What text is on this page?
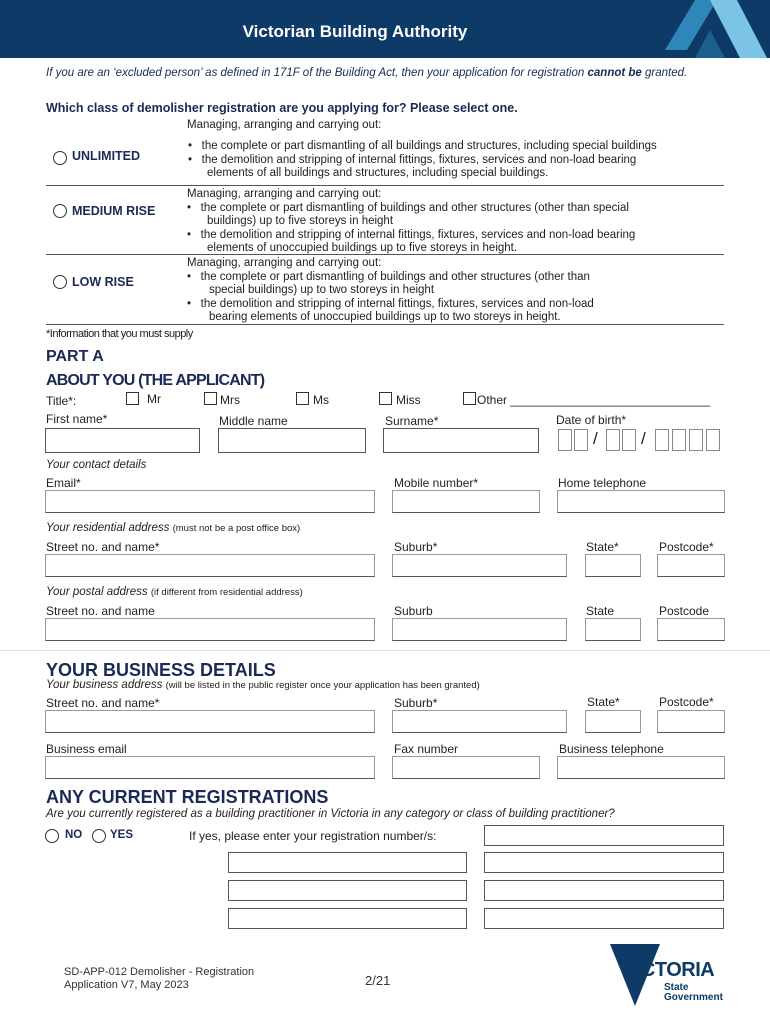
Victorian Building Authority
If you are an ‘excluded person’ as defined in 171F of the Building Act, then your application for registration cannot be granted.
Which class of demolisher registration are you applying for? Please select one.
Managing, arranging and carrying out:
UNLIMITED
•   the complete or part dismantling of all buildings and structures, including special buildings
•   the demolition and stripping of internal fittings, fixtures, services and non-load bearing
elements of all buildings and structures, including special buildings.
MEDIUM RISE
Managing, arranging and carrying out:
•   the complete or part dismantling of buildings and other structures (other than special
buildings) up to five storeys in height
•   the demolition and stripping of internal fittings, fixtures, services and non-load bearing
elements of unoccupied buildings up to five storeys in height.
LOW RISE
Managing, arranging and carrying out:
•   the complete or part dismantling of buildings and other structures (other than
special buildings) up to two storeys in height
•   the demolition and stripping of internal fittings, fixtures, services and non-load
bearing elements of unoccupied buildings up to two storeys in height.
*Information that you must supply
PART A
ABOUT YOU (THE APPLICANT)
Title*:	Mr	Mrs	Ms	Miss	Other ______________________________
First name*	Middle name	Surname*	Date of birth*
/	/
Your contact details
Email*	Mobile number*	Home telephone
Your residential address (must not be a post office box)
Street no. and name*	Suburb*	State*	Postcode*
Your postal address (if different from residential address)
Street no. and name	Suburb	State	Postcode
YOUR BUSINESS DETAILS
Your business address (will be listed in the public register once your application has been granted)
Street no. and name*	Suburb*	State*	Postcode*
Business email	Fax number	Business telephone
ANY CURRENT REGISTRATIONS
Are you currently registered as a building practitioner in Victoria in any category or class of building practitioner?
NO YES	If yes, please enter your registration number/s:
SD-APP-012 Demolisher - Registration
Application V7, May 2023	2/21	VICTORIA
State
Government
